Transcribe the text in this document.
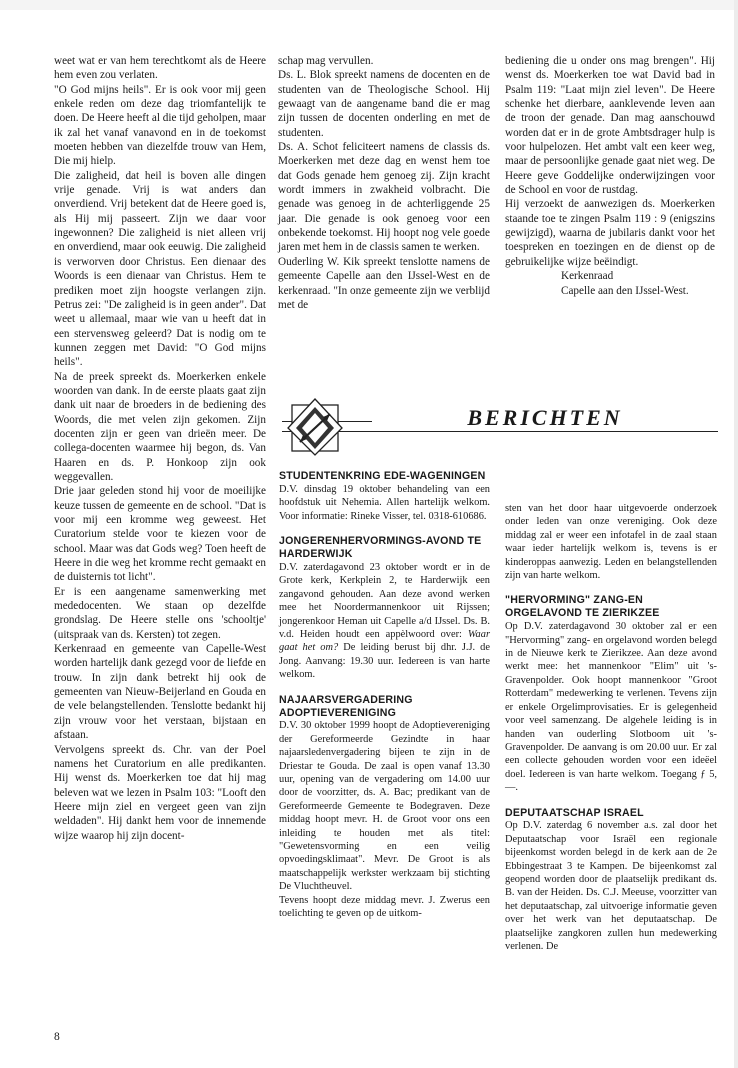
weet wat er van hem terechtkomt als de Heere hem even zou verlaten.

"O God mijns heils". Er is ook voor mij geen enkele reden om deze dag triomfantelijk te doen. De Heere heeft al die tijd geholpen, maar ik zal het vanaf vanavond en in de toekomst moeten hebben van diezelfde trouw van Hem, Die mij hielp.

Die zaligheid, dat heil is boven alle dingen vrije genade. Vrij is wat anders dan onverdiend. Vrij betekent dat de Heere goed is, als Hij mij passeert. Zijn we daar voor ingewonnen? Die zaligheid is niet alleen vrij en onverdiend, maar ook eeuwig. Die zaligheid is verworven door Christus. Een dienaar des Woords is een dienaar van Christus. Hem te prediken moet zijn hoogste verlangen zijn. Petrus zei: "De zaligheid is in geen ander". Dat weet u allemaal, maar wie van u heeft dat in een stervensweg geleerd? Dat is nodig om te kunnen zeggen met David: "O God mijns heils".

Na de preek spreekt ds. Moerkerken enkele woorden van dank. In de eerste plaats gaat zijn dank uit naar de broeders in de bediening des Woords, die met velen zijn gekomen. Zijn docenten zijn er geen van drieën meer. De collega-docenten waarmee hij begon, ds. Van Haaren en ds. P. Honkoop zijn ook weggevallen.

Drie jaar geleden stond hij voor de moeilijke keuze tussen de gemeente en de school. "Dat is voor mij een kromme weg geweest. Het Curatorium stelde voor te kiezen voor de school. Maar was dat Gods weg? Toen heeft de Heere in die weg het kromme recht gemaakt en de duisternis tot licht".

Er is een aangename samenwerking met mededocenten. We staan op dezelfde grondslag. De Heere stelle ons 'schooltje' (uitspraak van ds. Kersten) tot zegen.

Kerkenraad en gemeente van Capelle-West worden hartelijk dank gezegd voor de liefde en trouw. In zijn dank betrekt hij ook de gemeenten van Nieuw-Beijerland en Gouda en de vele belangstellenden. Tenslotte bedankt hij zijn vrouw voor het verstaan, bijstaan en afstaan.

Vervolgens spreekt ds. Chr. van der Poel namens het Curatorium en alle predikanten. Hij wenst ds. Moerkerken toe dat hij mag beleven wat we lezen in Psalm 103: "Looft den Heere mijn ziel en vergeet geen van zijn weldaden". Hij dankt hem voor de innemende wijze waarop hij zijn docent-

schap mag vervullen.

Ds. L. Blok spreekt namens de docenten en de studenten van de Theologische School. Hij gewaagt van de aangename band die er mag zijn tussen de docenten onderling en met de studenten.

Ds. A. Schot feliciteert namens de classis ds. Moerkerken met deze dag en wenst hem toe dat Gods genade hem genoeg zij. Zijn kracht wordt immers in zwakheid volbracht. Die genade was genoeg in de achterliggende 25 jaar. Die genade is ook genoeg voor een onbekende toekomst. Hij hoopt nog vele goede jaren met hem in de classis samen te werken.

Ouderling W. Kik spreekt tenslotte namens de gemeente Capelle aan den IJssel-West en de kerkenraad. "In onze gemeente zijn we verblijd met de

bediening die u onder ons mag brengen". Hij wenst ds. Moerkerken toe wat David bad in Psalm 119: "Laat mijn ziel leven". De Heere schenke het dierbare, aanklevende leven aan de troon der genade. Dan mag aanschouwd worden dat er in de grote Ambtsdrager hulp is voor hulpelozen. Het ambt valt een keer weg, maar de persoonlijke genade gaat niet weg. De Heere geve Goddelijke onderwijzingen voor de School en voor de rustdag.

Hij verzoekt de aanwezigen ds. Moerkerken staande toe te zingen Psalm 119 : 9 (enigszins gewijzigd), waarna de jubilaris dankt voor het toespreken en toezingen en de dienst op de gebruikelijke wijze beëindigt.

Kerkenraad

Capelle aan den IJssel-West.

BERICHTEN
STUDENTENKRING EDE-WAGENINGEN

D.V. dinsdag 19 oktober behandeling van een hoofdstuk uit Nehemia. Allen hartelijk welkom. Voor informatie: Rineke Visser, tel. 0318-610686.

JONGERENHERVORMINGS-AVOND TE HARDERWIJK

D.V. zaterdagavond 23 oktober wordt er in de Grote kerk, Kerkplein 2, te Harderwijk een zangavond gehouden. Aan deze avond werken mee het Noordermannenkoor uit Rijssen; jongerenkoor Heman uit Capelle a/d IJssel. Ds. B. v.d. Heiden houdt een appèlwoord over: Waar gaat het om? De leiding berust bij dhr. J.J. de Jong. Aanvang: 19.30 uur. Iedereen is van harte welkom.

NAJAARSVERGADERING ADOPTIEVERENIGING

D.V. 30 oktober 1999 hoopt de Adoptievereniging der Gereformeerde Gezindte in haar najaarsledenvergadering bijeen te zijn in de Driestar te Gouda. De zaal is open vanaf 13.30 uur, opening van de vergadering om 14.00 uur door de voorzitter, ds. A. Bac; predikant van de Gereformeerde Gemeente te Bodegraven. Deze middag hoopt mevr. H. de Groot voor ons een inleiding te houden met als titel: "Gewetensvorming en een veilig opvoedingsklimaat". Mevr. De Groot is als maatschappelijk werkster werkzaam bij stichting De Vluchtheuvel.

Tevens hoopt deze middag mevr. J. Zwerus een toelichting te geven op de uitkom-

sten van het door haar uitgevoerde onderzoek onder leden van onze vereniging. Ook deze middag zal er weer een infotafel in de zaal staan waar ieder hartelijk welkom is, tevens is er kinderoppas aanwezig. Leden en belangstellenden zijn van harte welkom.

"HERVORMING" ZANG-EN ORGELAVOND TE ZIERIKZEE

Op D.V. zaterdagavond 30 oktober zal er een "Hervorming" zang- en orgelavond worden belegd in de Nieuwe kerk te Zierikzee. Aan deze avond werkt mee: het mannenkoor "Elim" uit 's-Gravenpolder. Ook hoopt mannenkoor "Groot Rotterdam" medewerking te verlenen. Tevens zijn er enkele Orgelimprovisaties. Er is gelegenheid voor veel samenzang. De algehele leiding is in handen van ouderling Slotboom uit 's-Gravenpolder. De aanvang is om 20.00 uur. Er zal een collecte gehouden worden voor een ideëel doel. Iedereen is van harte welkom. Toegang ƒ 5,—.

DEPUTAATSCHAP ISRAEL

Op D.V. zaterdag 6 november a.s. zal door het Deputaatschap voor Israël een regionale bijeenkomst worden belegd in de kerk aan de 2e Ebbingestraat 3 te Kampen. De bijeenkomst zal geopend worden door de plaatselijk predikant ds. B. van der Heiden. Ds. C.J. Meeuse, voorzitter van het deputaatschap, zal uitvoerige informatie geven over het werk van het deputaatschap. De plaatselijke zangkoren zullen hun medewerking verlenen. De

8
